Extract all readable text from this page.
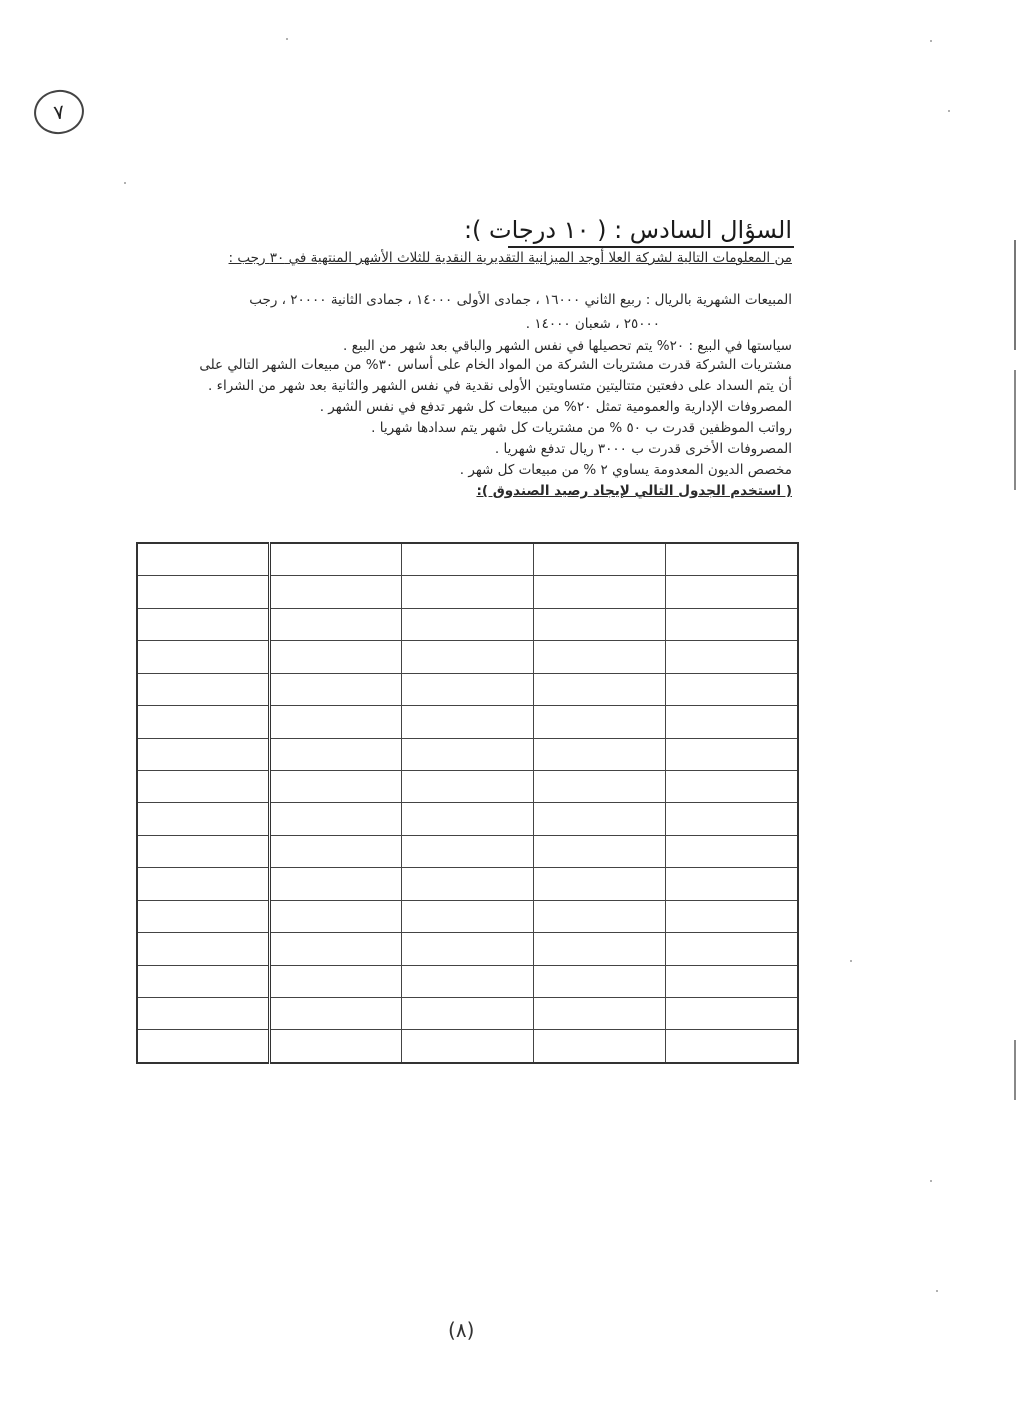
٧
السؤال السادس : ( ١٠ درجات ):
من المعلومات التالية لشركة العلا أوجد الميزانية التقديرية النقدية للثلاث الأشهر المنتهية في ٣٠ رجب :
المبيعات الشهرية بالريال : ربيع الثاني ١٦٠٠٠ ، جمادى الأولى ١٤٠٠٠ ، جمادى الثانية ٢٠٠٠٠ ، رجب
٢٥٠٠٠ ، شعبان ١٤٠٠٠ .
سياستها في البيع : ٢٠% يتم تحصيلها في نفس الشهر والباقي بعد شهر من البيع .
مشتريات الشركة قدرت مشتريات الشركة من المواد الخام على أساس ٣٠% من مبيعات الشهر التالي على
أن يتم السداد على دفعتين متتاليتين متساويتين الأولى نقدية في نفس الشهر والثانية بعد شهر من الشراء .
المصروفات الإدارية والعمومية تمثل ٢٠% من مبيعات كل شهر تدفع في نفس الشهر .
رواتب الموظفين قدرت ب ٥٠ % من مشتريات كل شهر يتم سدادها شهريا .
المصروفات الأخرى قدرت ب ٣٠٠٠ ريال تدفع شهريا .
مخصص الديون المعدومة يساوي ٢ % من مبيعات كل شهر .
( استخدم الجدول التالي لإيجاد رصيد الصندوق ):

(٨)
